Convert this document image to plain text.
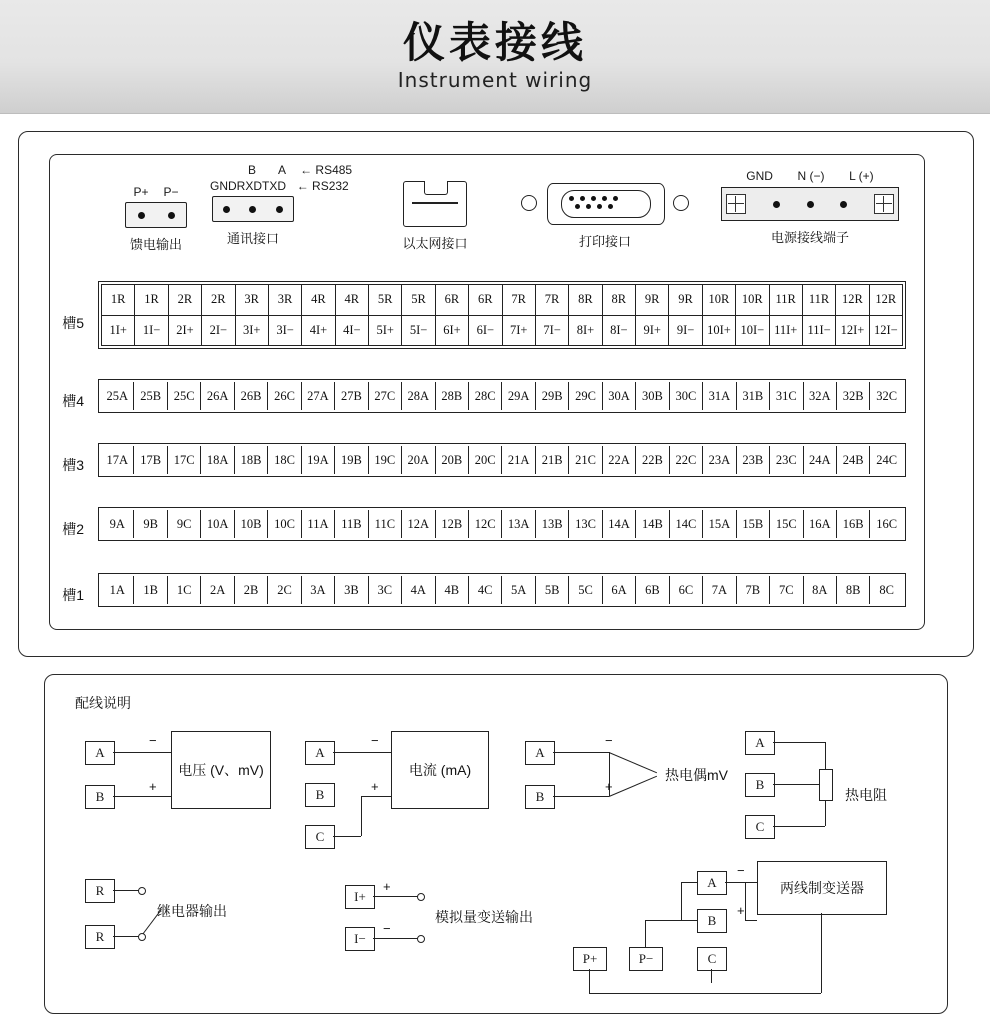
仪表接线
Instrument wiring
P+ P−
馈电输出
B A ← RS485
GNDRXDTXD ← RS232
通讯接口	以太网接口	打印接口
GND N (−) L (+)
电源接线端子
槽5
1R	1R	2R	2R	3R	3R	4R	4R	5R	5R	6R	6R	7R	7R	8R	8R	9R	9R	10R	10R	11R	11R	12R	12R
1I+	1I−	2I+	2I−	3I+	3I−	4I+	4I−	5I+	5I−	6I+	6I−	7I+	7I−	8I+	8I−	9I+	9I−	10I+ 10I− 11I+ 11I− 12I+ 12I−
槽4	25A 25B	25C 26A 26B	26C 27A 27B	27C 28A 28B	28C 29A 29B	29C 30A 30B	30C 31A 31B	31C 32A 32B	32C
槽3	17A 17B	17C 18A 18B	18C 19A 19B	19C 20A 20B	20C 21A 21B	21C 22A 22B	22C 23A 23B	23C 24A 24B	24C
槽2	9A	9B	9C	10A 10B	10C	11A	11B	11C	12A 12B	12C 13A 13B	13C 14A 14B	14C 15A 15B	15C 16A 16B	16C
槽1	1A	1B	1C	2A	2B	2C	3A	3B	3C	4A	4B	4C	5A	5B	5C	6A	6B	6C	7A	7B	7C	8A	8B	8C
配线说明
A
B
电压 (V、mV)
−
+
A
B
C
电流 (mA)
−
+
A
B
−
+
热电偶mV
A
B
C
热电阻
R
R
继电器输出
I+
I−
+
−
模拟量变送输出
A
B
C
P+	P−
两线制变送器
−
+
